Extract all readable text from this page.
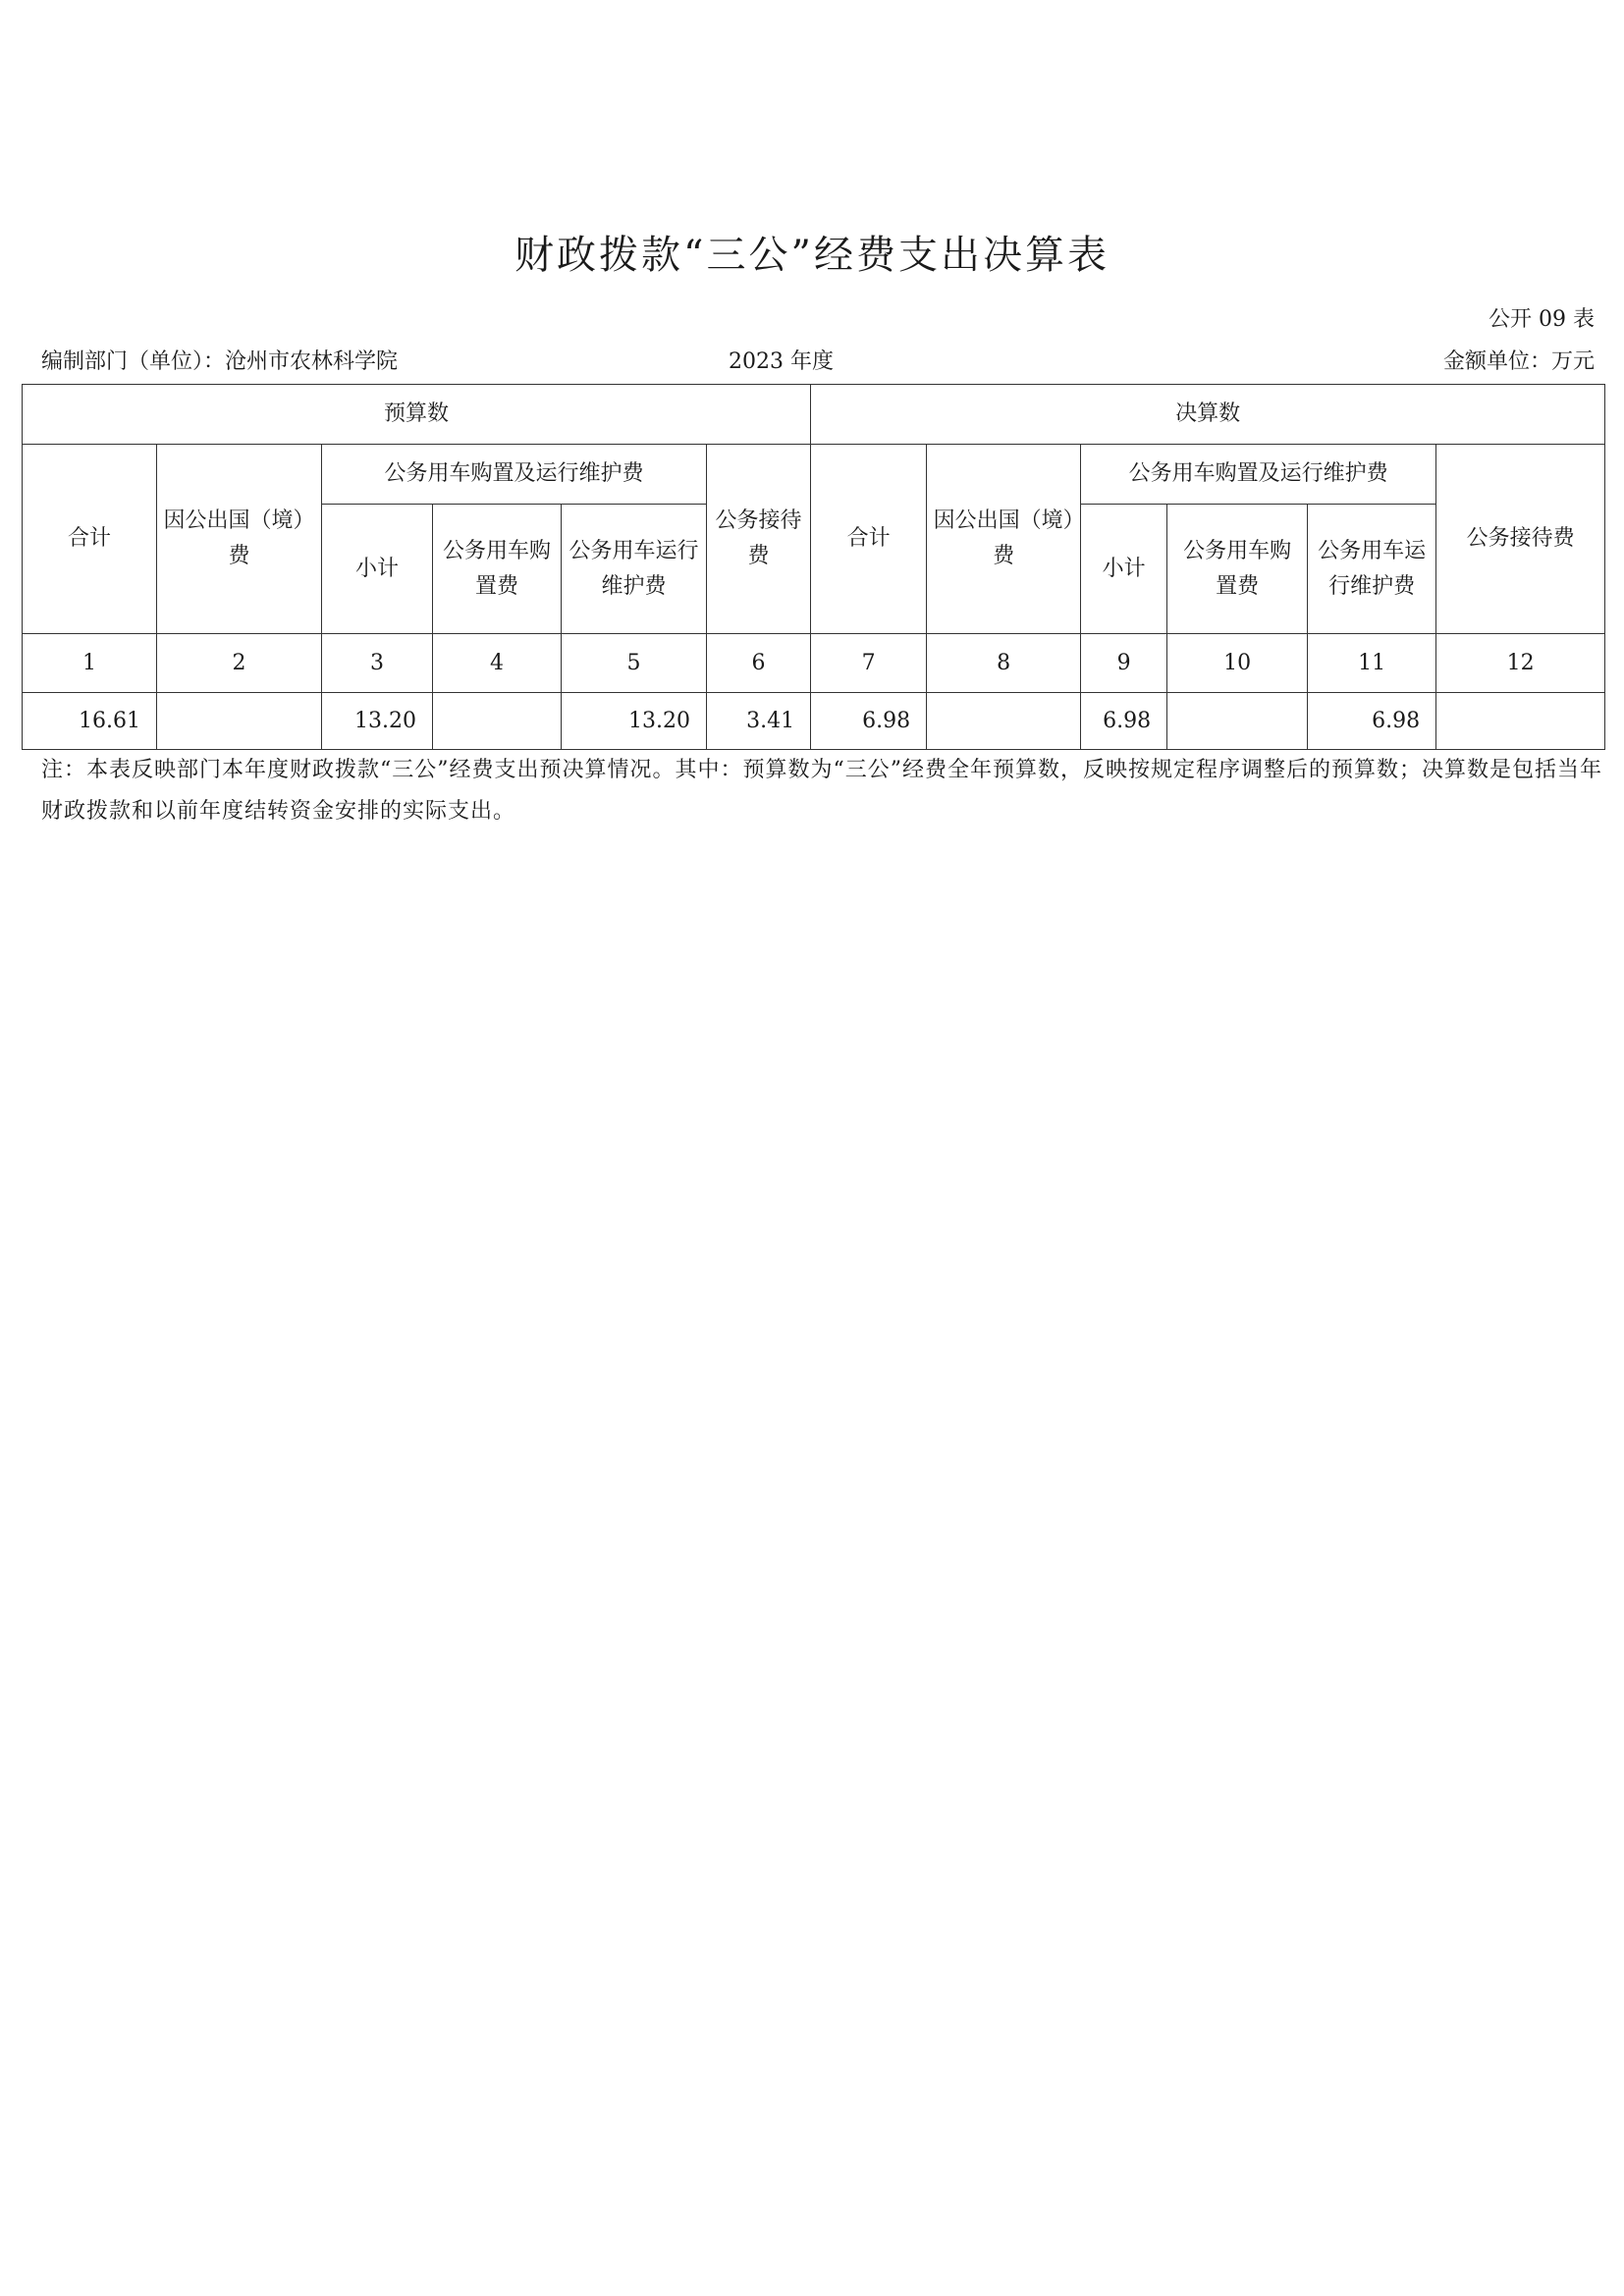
财政拨款“三公”经费支出决算表
公开 09 表
编制部门（单位）：沧州市农林科学院	2023 年度	金额单位：万元
预算数						决算数					
合计	因公出国（境）费	公务用车购置及运行维护费			公务接待费	合计	因公出国（境）费	公务用车购置及运行维护费			公务接待费
		小计	公务用车购置费	公务用车运行维护费				小计	公务用车购置费	公务用车运行维护费	
1	2	3	4	5	6	7	8	9	10	11	12
16.61		13.20		13.20	3.41	6.98		6.98		6.98	
注：本表反映部门本年度财政拨款“三公”经费支出预决算情况。其中：预算数为“三公”经费全年预算数，反映按规定程序调整后的预算数；决算数是包括当年财政拨款和以前年度结转资金安排的实际支出。
